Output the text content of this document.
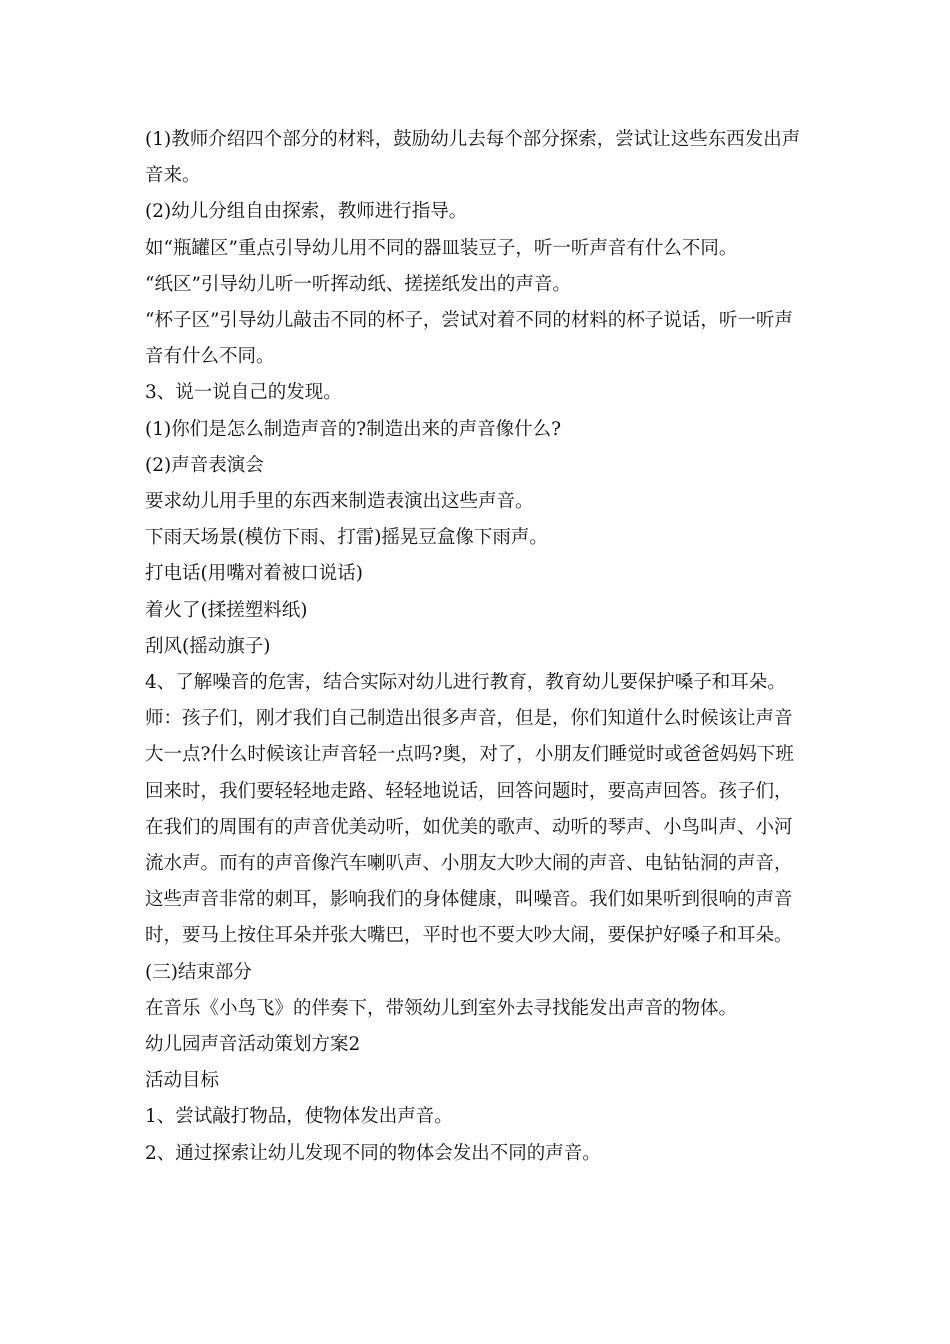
(1)教师介绍四个部分的材料，鼓励幼儿去每个部分探索，尝试让这些东西发出声音来。

(2)幼儿分组自由探索，教师进行指导。

如“瓶罐区”重点引导幼儿用不同的器皿装豆子，听一听声音有什么不同。

“纸区”引导幼儿听一听挥动纸、搓搓纸发出的声音。

“杯子区”引导幼儿敲击不同的杯子，尝试对着不同的材料的杯子说话，听一听声音有什么不同。

3、说一说自己的发现。

(1)你们是怎么制造声音的?制造出来的声音像什么?

(2)声音表演会

要求幼儿用手里的东西来制造表演出这些声音。

下雨天场景(模仿下雨、打雷)摇晃豆盒像下雨声。

打电话(用嘴对着被口说话)

着火了(揉搓塑料纸)

刮风(摇动旗子)

4、了解噪音的危害，结合实际对幼儿进行教育，教育幼儿要保护嗓子和耳朵。

师：孩子们，刚才我们自己制造出很多声音，但是，你们知道什么时候该让声音大一点?什么时候该让声音轻一点吗?奥，对了，小朋友们睡觉时或爸爸妈妈下班回来时，我们要轻轻地走路、轻轻地说话，回答问题时，要高声回答。孩子们，在我们的周围有的声音优美动听，如优美的歌声、动听的琴声、小鸟叫声、小河流水声。而有的声音像汽车喇叭声、小朋友大吵大闹的声音、电钻钻洞的声音，这些声音非常的刺耳，影响我们的身体健康，叫噪音。我们如果听到很响的声音时，要马上按住耳朵并张大嘴巴，平时也不要大吵大闹，要保护好嗓子和耳朵。

(三)结束部分

在音乐《小鸟飞》的伴奏下，带领幼儿到室外去寻找能发出声音的物体。

幼儿园声音活动策划方案2

活动目标

1、尝试敲打物品，使物体发出声音。

2、通过探索让幼儿发现不同的物体会发出不同的声音。
